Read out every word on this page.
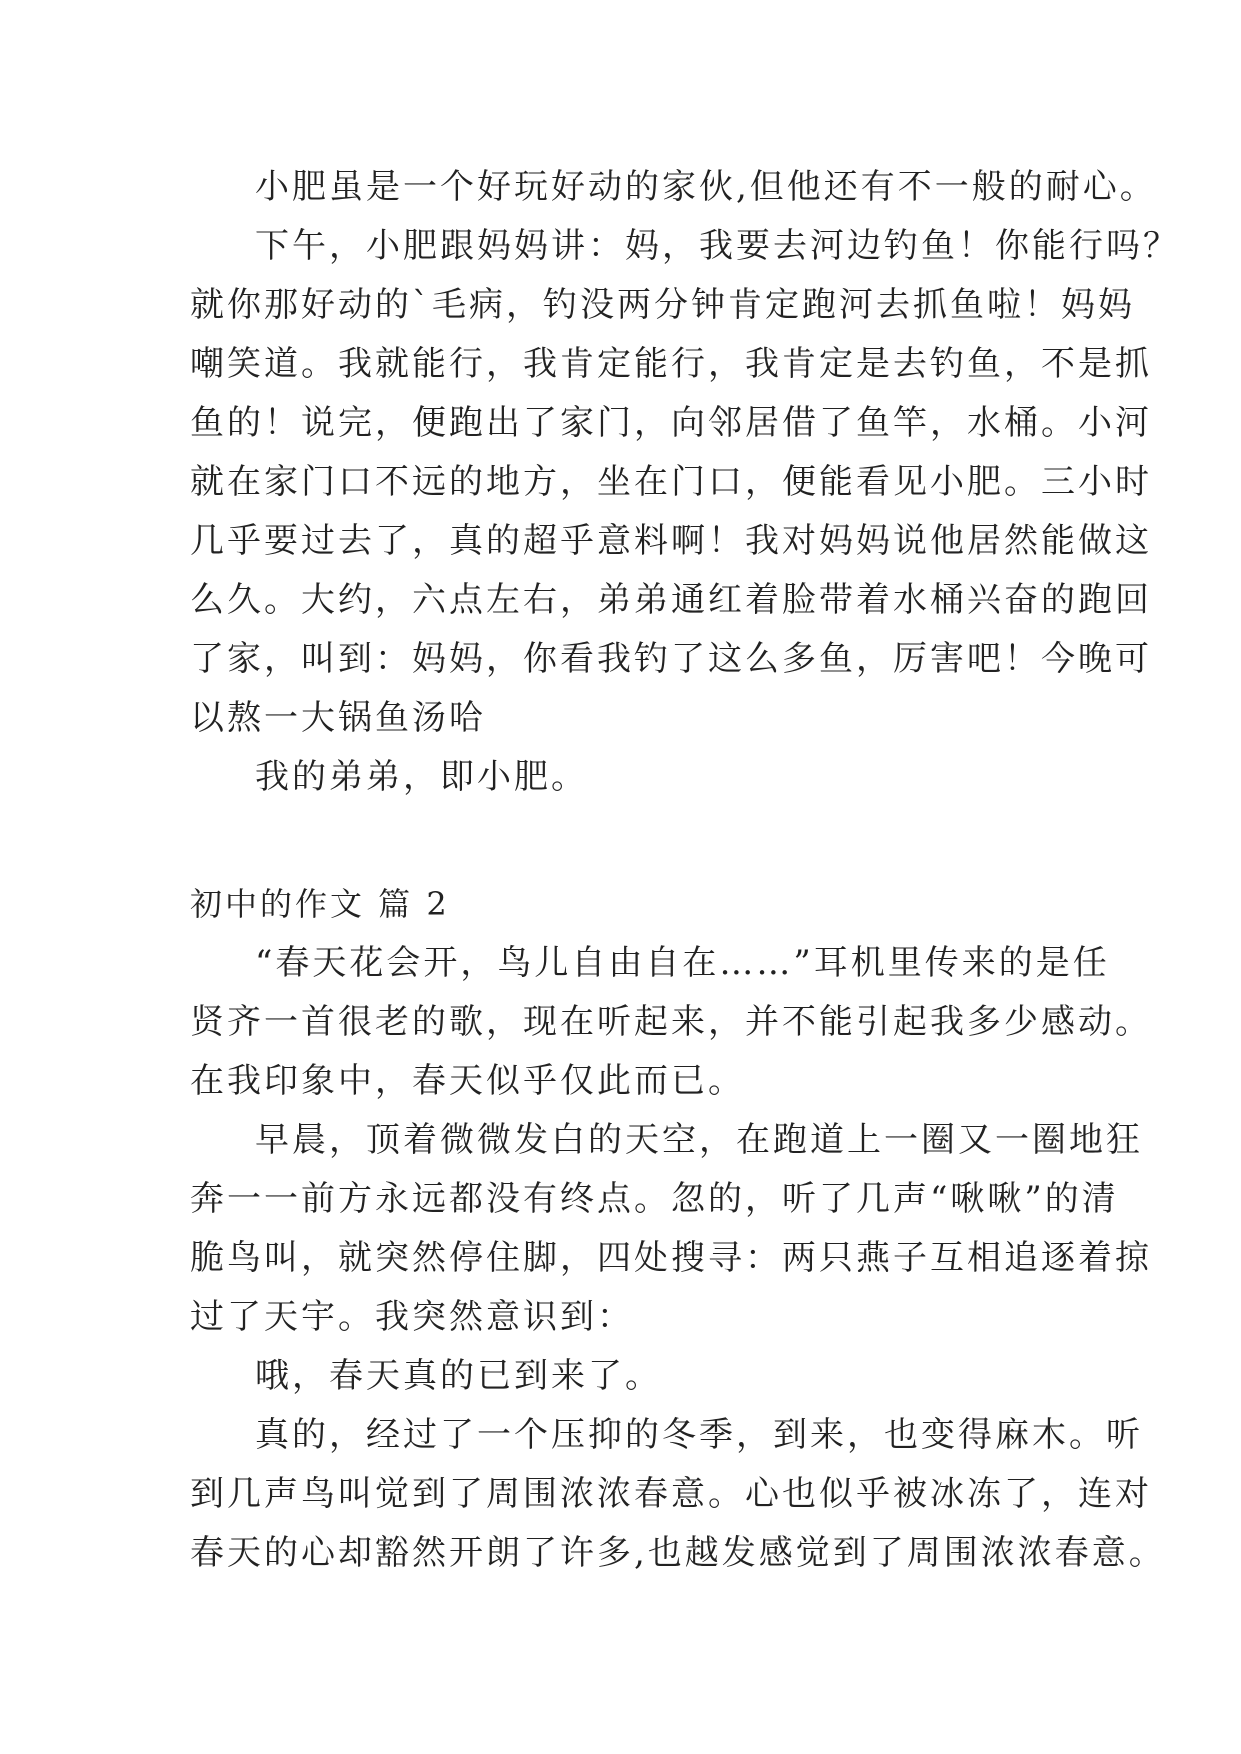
小肥虽是一个好玩好动的家伙,但他还有不一般的耐心。
下午，小肥跟妈妈讲：妈，我要去河边钓鱼！你能行吗？
就你那好动的`毛病，钓没两分钟肯定跑河去抓鱼啦！妈妈
嘲笑道。我就能行，我肯定能行，我肯定是去钓鱼，不是抓
鱼的！说完，便跑出了家门，向邻居借了鱼竿，水桶。小河
就在家门口不远的地方，坐在门口，便能看见小肥。三小时
几乎要过去了，真的超乎意料啊！我对妈妈说他居然能做这
么久。大约，六点左右，弟弟通红着脸带着水桶兴奋的跑回
了家，叫到：妈妈，你看我钓了这么多鱼，厉害吧！今晚可
以熬一大锅鱼汤哈
我的弟弟，即小肥。
初中的作文 篇 2
“春天花会开，鸟儿自由自在……”耳机里传来的是任
贤齐一首很老的歌，现在听起来，并不能引起我多少感动。
在我印象中，春天似乎仅此而已。
早晨，顶着微微发白的天空，在跑道上一圈又一圈地狂
奔一一前方永远都没有终点。忽的，听了几声“啾啾”的清
脆鸟叫，就突然停住脚，四处搜寻：两只燕子互相追逐着掠
过了天宇。我突然意识到：
哦，春天真的已到来了。
真的，经过了一个压抑的冬季，到来，也变得麻木。听
到几声鸟叫觉到了周围浓浓春意。心也似乎被冰冻了，连对
春天的心却豁然开朗了许多,也越发感觉到了周围浓浓春意。
